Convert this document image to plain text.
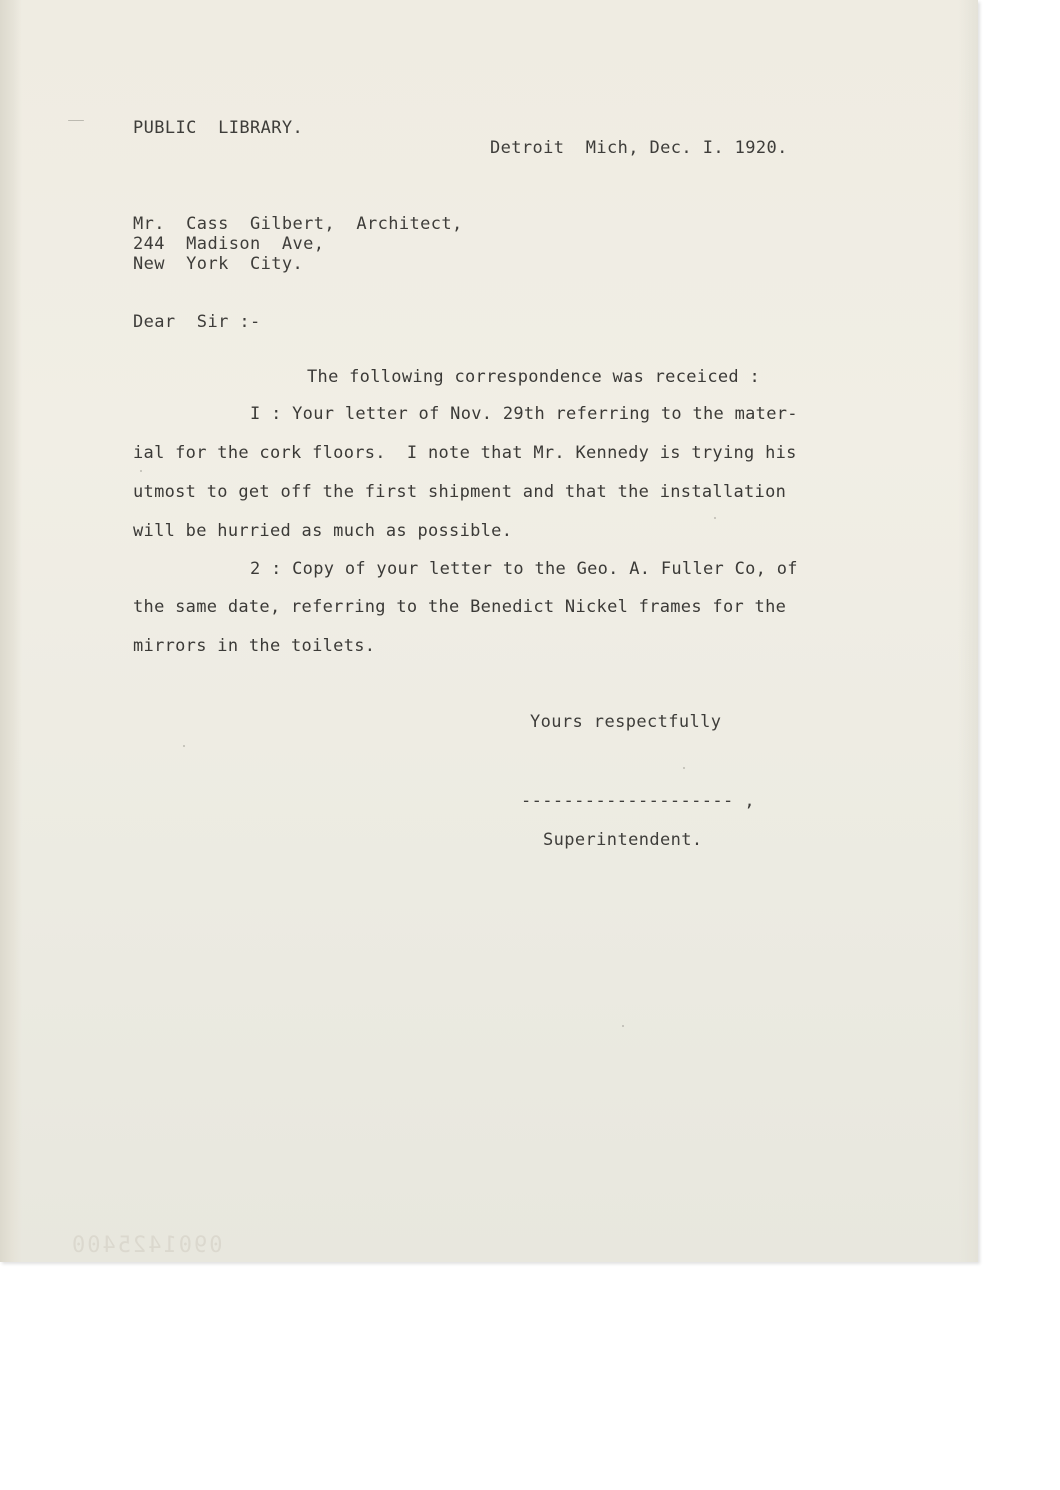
PUBLIC  LIBRARY.
Detroit  Mich, Dec. I. 1920.
Mr.  Cass  Gilbert,  Architect,
244  Madison  Ave,
New  York  City.
Dear  Sir :-
The following correspondence was receiced :
I : Your letter of Nov. 29th referring to the mater-
ial for the cork floors.  I note that Mr. Kennedy is trying his
utmost to get off the first shipment and that the installation
will be hurried as much as possible.
2 : Copy of your letter to the Geo. A. Fuller Co, of
the same date, referring to the Benedict Nickel frames for the
mirrors in the toilets.
Yours respectfully
-------------------- ,
Superintendent.
0901425400
